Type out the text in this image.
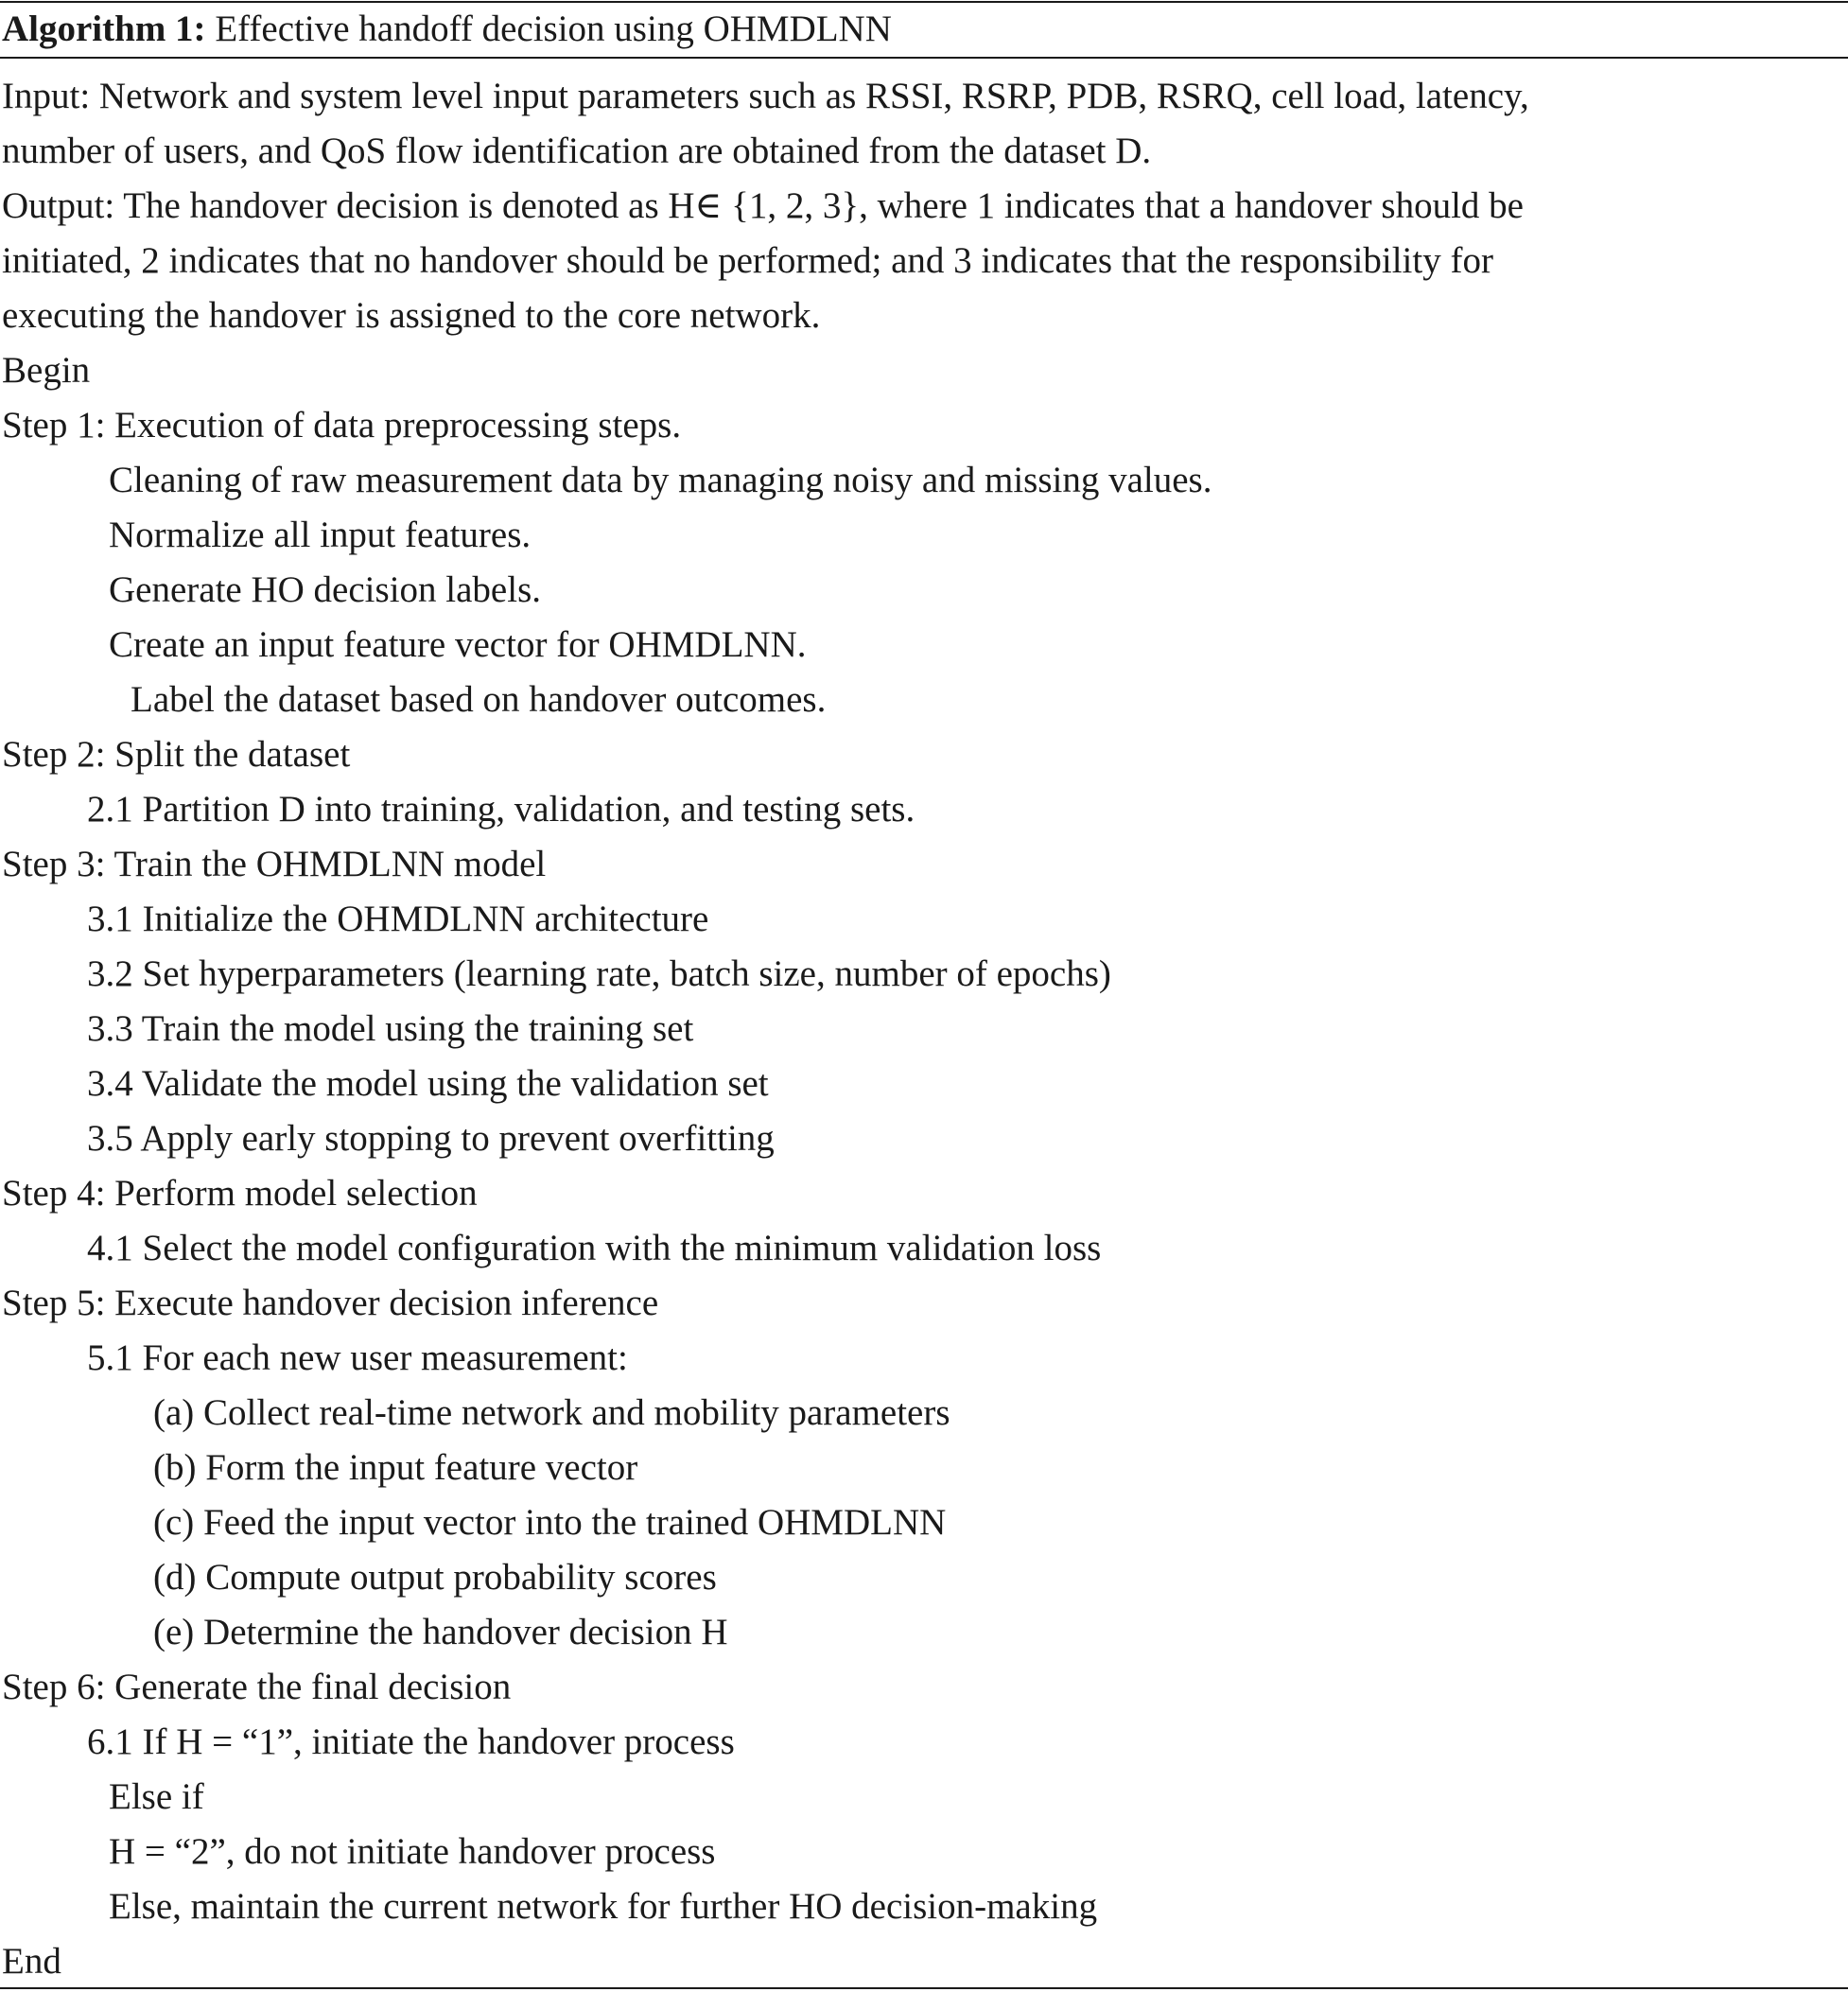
Algorithm 1: Effective handoff decision using OHMDLNN
Input: Network and system level input parameters such as RSSI, RSRP, PDB, RSRQ, cell load, latency,
number of users, and QoS flow identification are obtained from the dataset D.
Output: The handover decision is denoted as H∈ {1, 2, 3}, where 1 indicates that a handover should be
initiated, 2 indicates that no handover should be performed; and 3 indicates that the responsibility for
executing the handover is assigned to the core network.
Begin
Step 1: Execution of data preprocessing steps.
Cleaning of raw measurement data by managing noisy and missing values.
Normalize all input features.
Generate HO decision labels.
Create an input feature vector for OHMDLNN.
Label the dataset based on handover outcomes.
Step 2: Split the dataset
2.1 Partition D into training, validation, and testing sets.
Step 3: Train the OHMDLNN model
3.1 Initialize the OHMDLNN architecture
3.2 Set hyperparameters (learning rate, batch size, number of epochs)
3.3 Train the model using the training set
3.4 Validate the model using the validation set
3.5 Apply early stopping to prevent overfitting
Step 4: Perform model selection
4.1 Select the model configuration with the minimum validation loss
Step 5: Execute handover decision inference
5.1 For each new user measurement:
(a) Collect real-time network and mobility parameters
(b) Form the input feature vector
(c) Feed the input vector into the trained OHMDLNN
(d) Compute output probability scores
(e) Determine the handover decision H
Step 6: Generate the final decision
6.1 If H = “1”, initiate the handover process
Else if
H = “2”, do not initiate handover process
Else, maintain the current network for further HO decision-making
End
